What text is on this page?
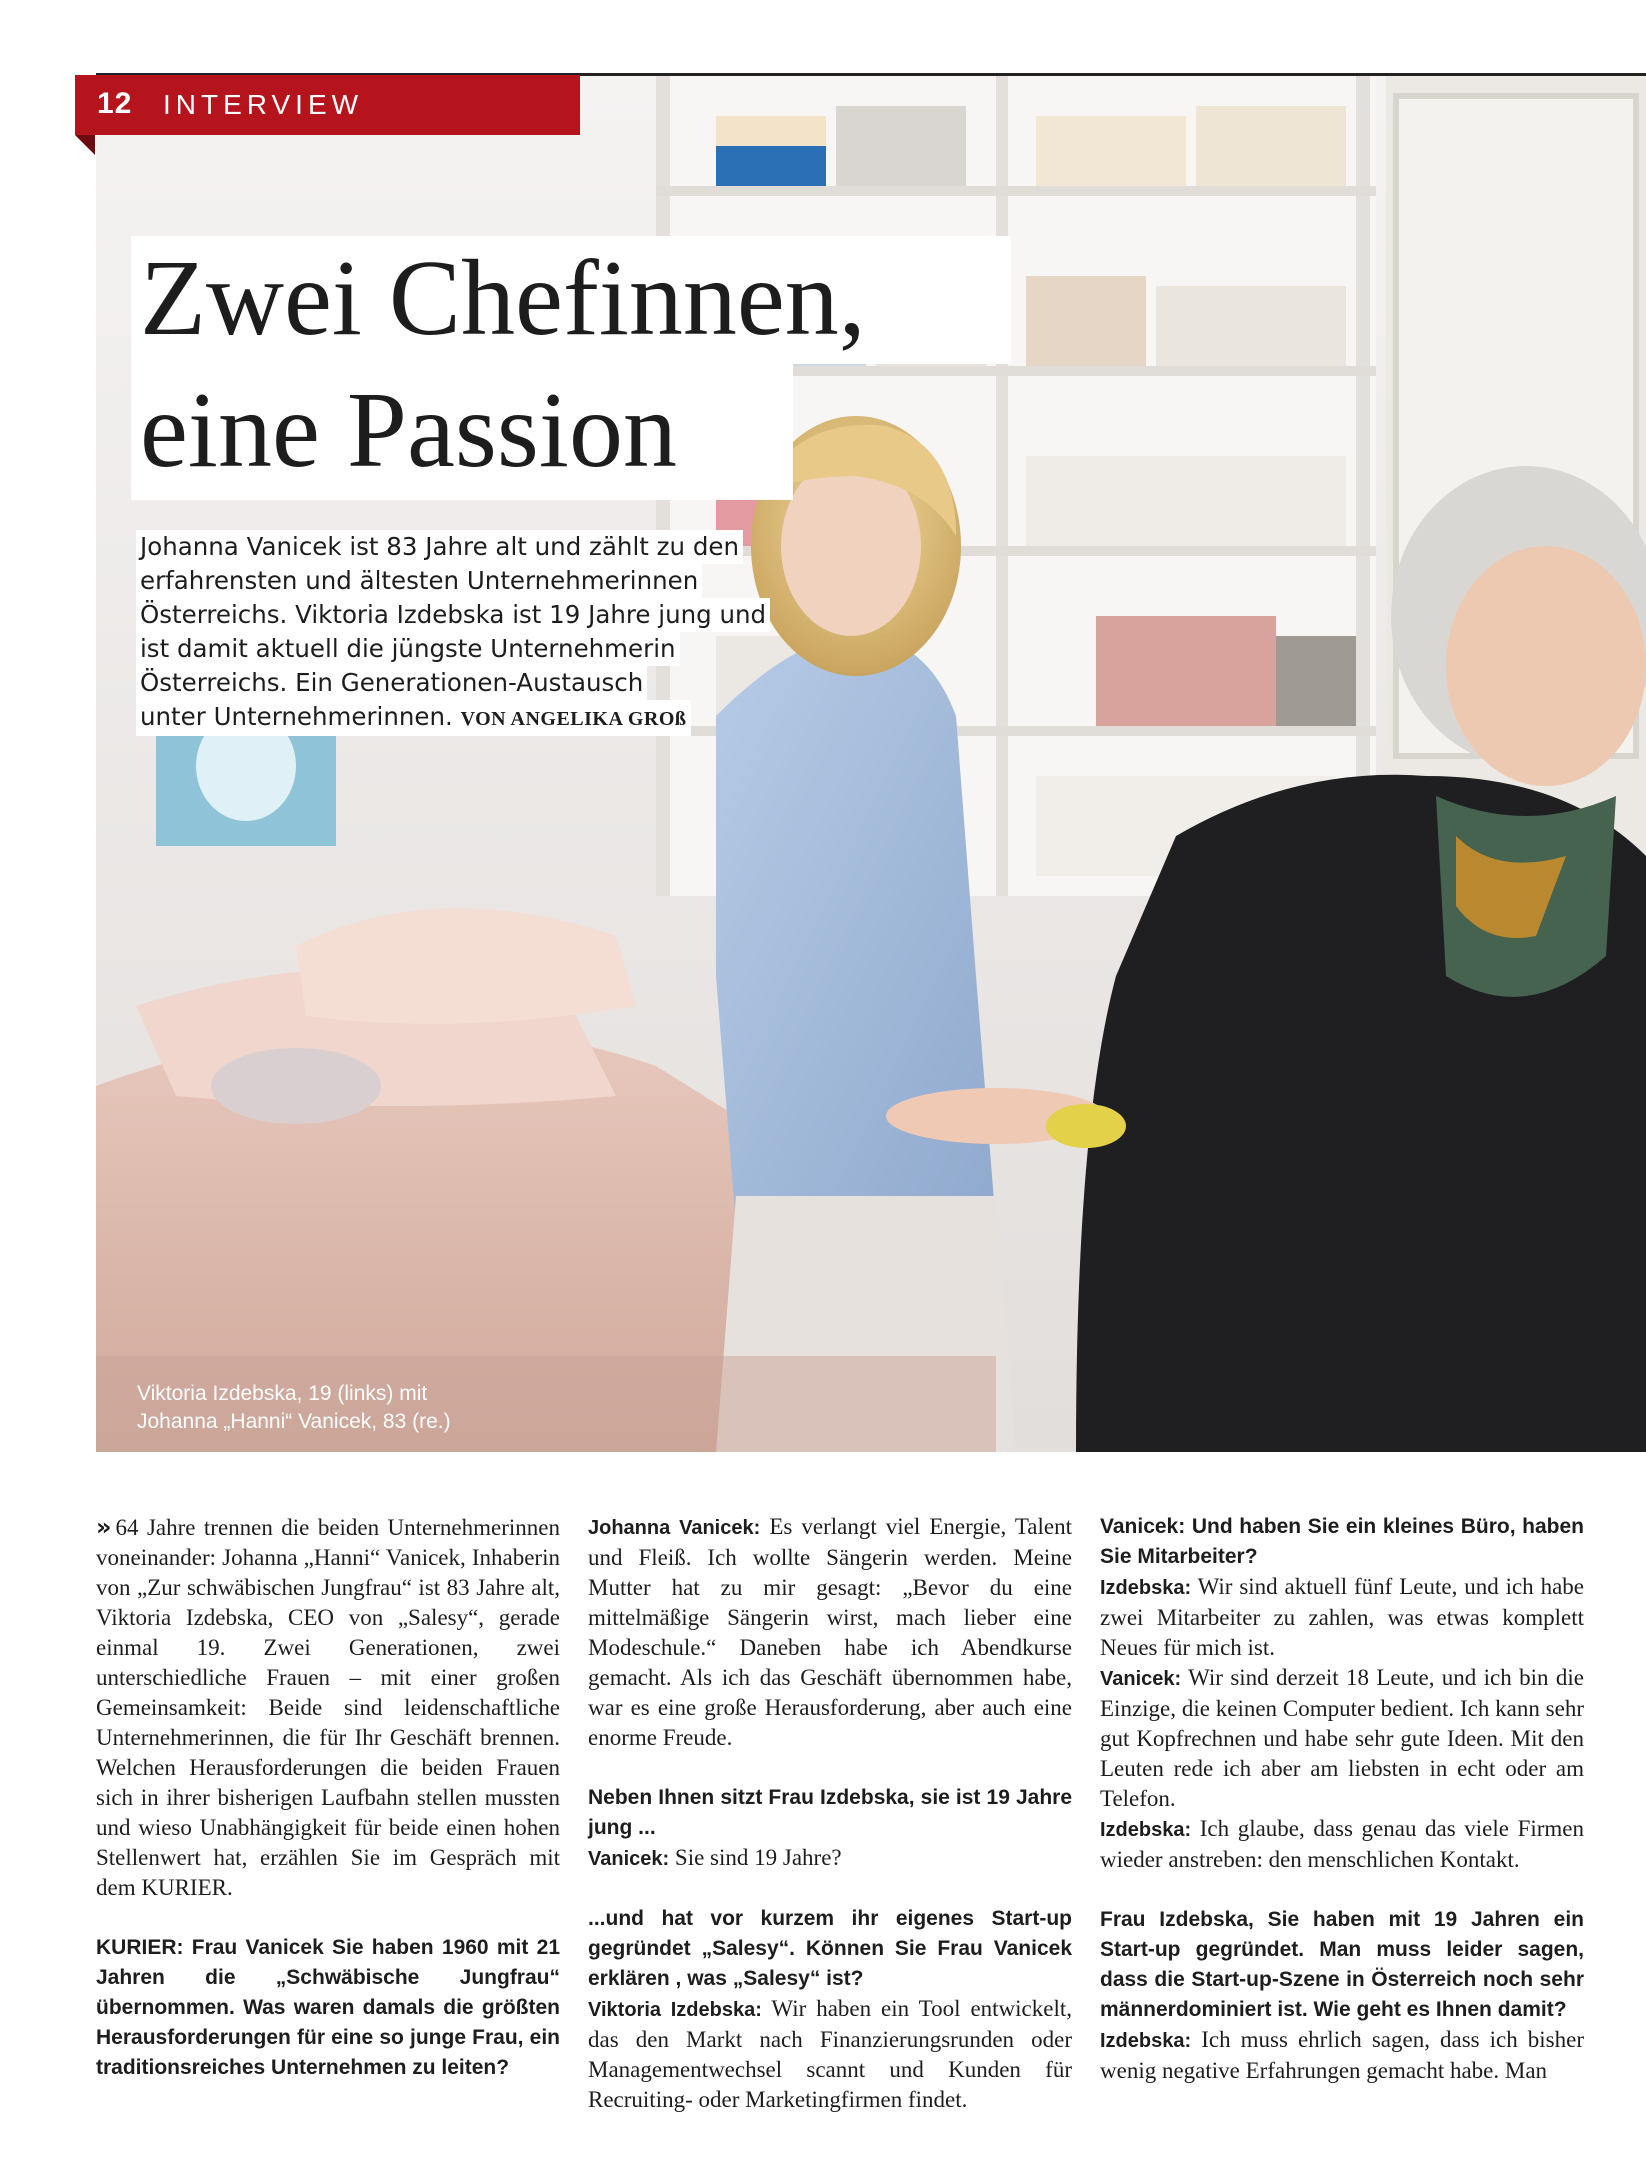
12 INTERVIEW
Zwei Chefinnen,
eine Passion
Johanna Vanicek ist 83 Jahre alt und zählt zu den
erfahrensten und ältesten Unternehmerinnen
Österreichs. Viktoria Izdebska ist 19 Jahre jung und
ist damit aktuell die jüngste Unternehmerin
Österreichs. Ein Generationen-Austausch
unter Unternehmerinnen. VON ANGELIKA GROß
Viktoria Izdebska, 19 (links) mit
Johanna „Hanni“ Vanicek, 83 (re.)

» 64 Jahre trennen die beiden Unternehmerinnen voneinander: Johanna „Hanni“ Vanicek, Inhaberin von „Zur schwäbischen Jungfrau“ ist 83 Jahre alt, Viktoria Izdebska, CEO von „Salesy“, gerade einmal 19. Zwei Generationen, zwei unterschiedliche Frauen – mit einer großen Gemeinsamkeit: Beide sind leidenschaftliche Unternehmerinnen, die für Ihr Geschäft brennen. Welchen Herausforderungen die beiden Frauen sich in ihrer bisherigen Laufbahn stellen mussten und wieso Unabhängigkeit für beide einen hohen Stellenwert hat, erzählen Sie im Gespräch mit dem KURIER.

KURIER: Frau Vanicek Sie haben 1960 mit 21 Jahren die „Schwäbische Jungfrau“ übernommen. Was waren damals die größten Herausforderungen für eine so junge Frau, ein traditionsreiches Unternehmen zu leiten?

Johanna Vanicek: Es verlangt viel Energie, Talent und Fleiß. Ich wollte Sängerin werden. Meine Mutter hat zu mir gesagt: „Bevor du eine mittelmäßige Sängerin wirst, mach lieber eine Modeschule.“ Daneben habe ich Abendkurse gemacht. Als ich das Geschäft übernommen habe, war es eine große Herausforderung, aber auch eine enorme Freude.

Neben Ihnen sitzt Frau Izdebska, sie ist 19 Jahre jung ...

Vanicek: Sie sind 19 Jahre?

...und hat vor kurzem ihr eigenes Start-up gegründet „Salesy“. Können Sie Frau Vanicek erklären , was „Salesy“ ist?

Viktoria Izdebska: Wir haben ein Tool entwickelt, das den Markt nach Finanzierungsrunden oder Managementwechsel scannt und Kunden für Recruiting- oder Marketingfirmen findet.

Vanicek: Und haben Sie ein kleines Büro, haben Sie Mitarbeiter?

Izdebska: Wir sind aktuell fünf Leute, und ich habe zwei Mitarbeiter zu zahlen, was etwas komplett Neues für mich ist.

Vanicek: Wir sind derzeit 18 Leute, und ich bin die Einzige, die keinen Computer bedient. Ich kann sehr gut Kopfrechnen und habe sehr gute Ideen. Mit den Leuten rede ich aber am liebsten in echt oder am Telefon.

Izdebska: Ich glaube, dass genau das viele Firmen wieder anstreben: den menschlichen Kontakt.

Frau Izdebska, Sie haben mit 19 Jahren ein Start-up gegründet. Man muss leider sagen, dass die Start-up-Szene in Österreich noch sehr männerdominiert ist. Wie geht es Ihnen damit?

Izdebska: Ich muss ehrlich sagen, dass ich bisher wenig negative Erfahrungen gemacht habe. Man
